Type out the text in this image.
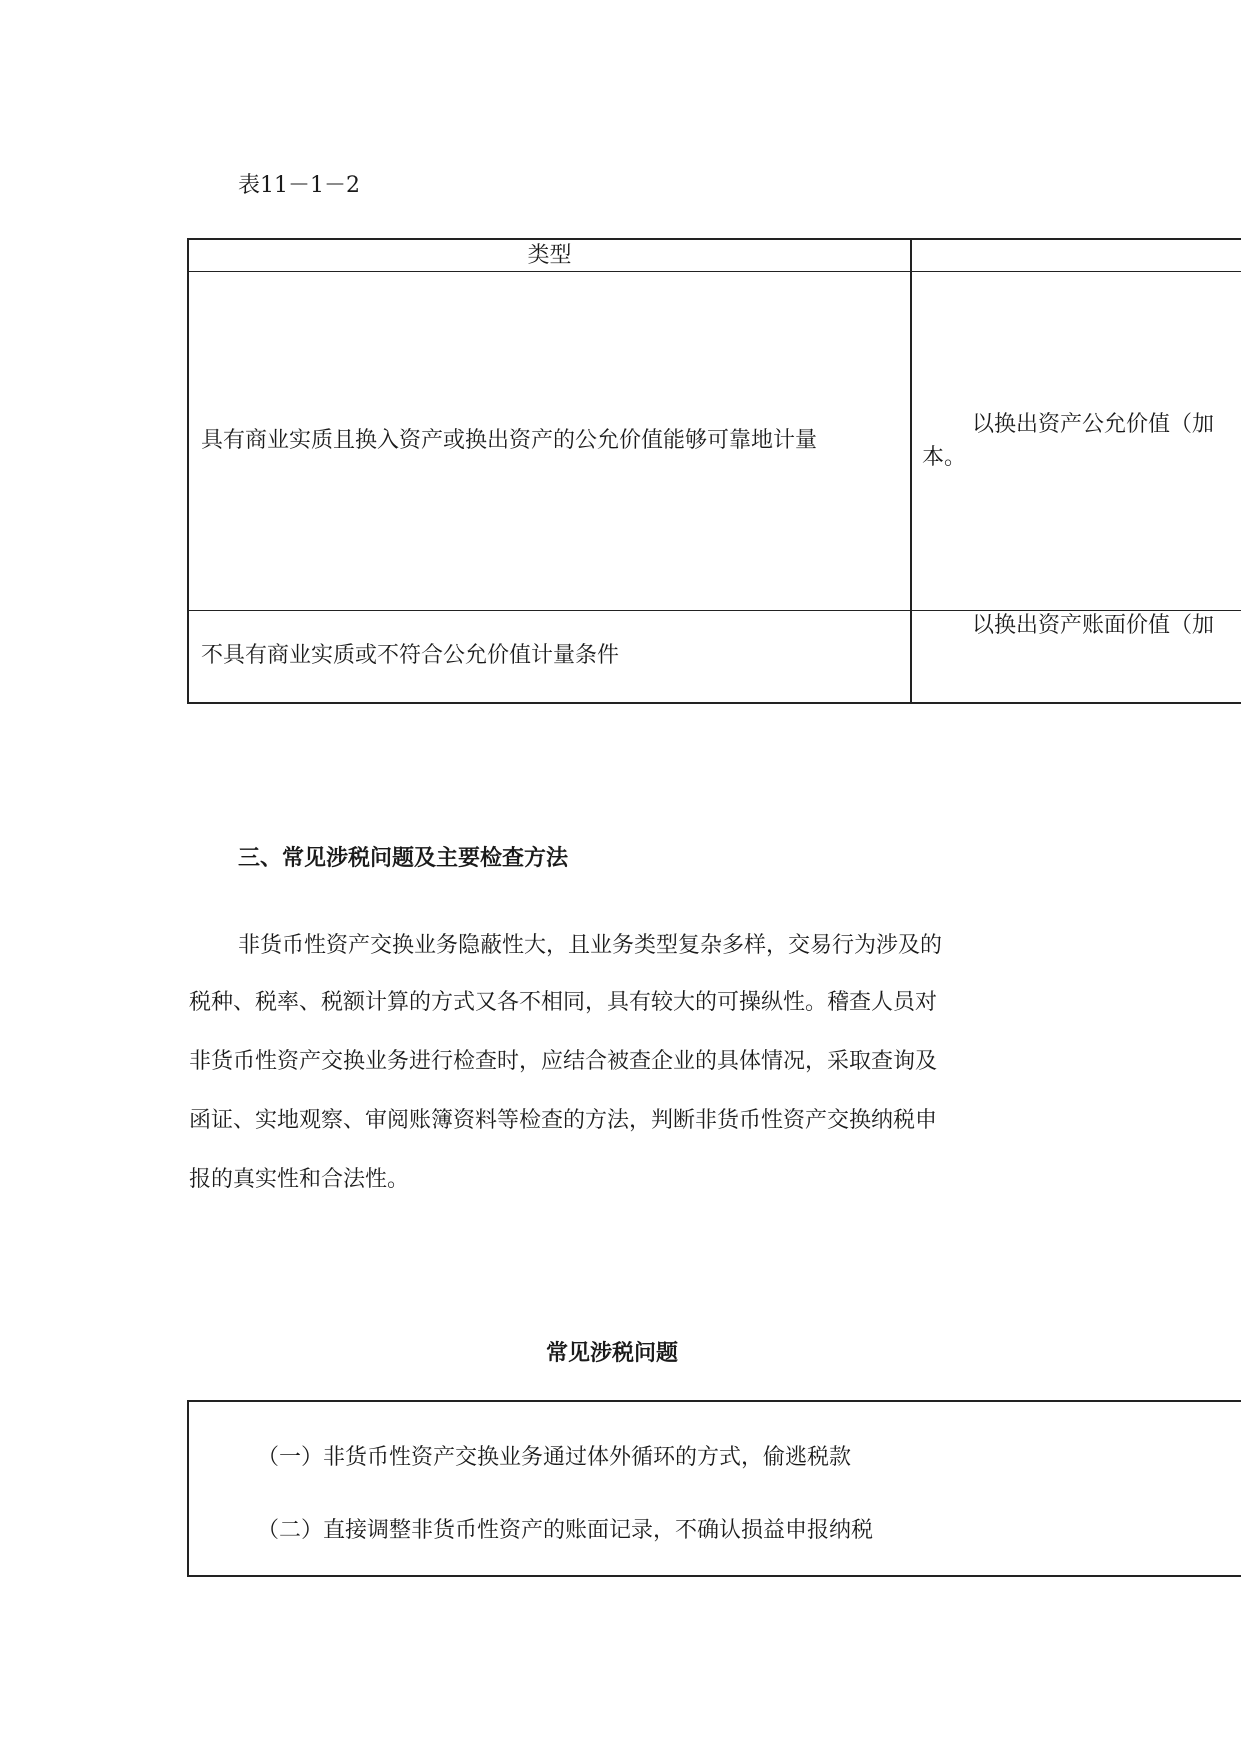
表11－1－2
类型
具有商业实质且换入资产或换出资产的公允价值能够可靠地计量
以换出资产公允价值（加
本。
不具有商业实质或不符合公允价值计量条件
以换出资产账面价值（加
三、常见涉税问题及主要检查方法
非货币性资产交换业务隐蔽性大，且业务类型复杂多样，交易行为涉及的
税种、税率、税额计算的方式又各不相同，具有较大的可操纵性。稽查人员对
非货币性资产交换业务进行检查时，应结合被查企业的具体情况，采取查询及
函证、实地观察、审阅账簿资料等检查的方法，判断非货币性资产交换纳税申
报的真实性和合法性。
常见涉税问题
（一）非货币性资产交换业务通过体外循环的方式，偷逃税款
（二）直接调整非货币性资产的账面记录，不确认损益申报纳税
